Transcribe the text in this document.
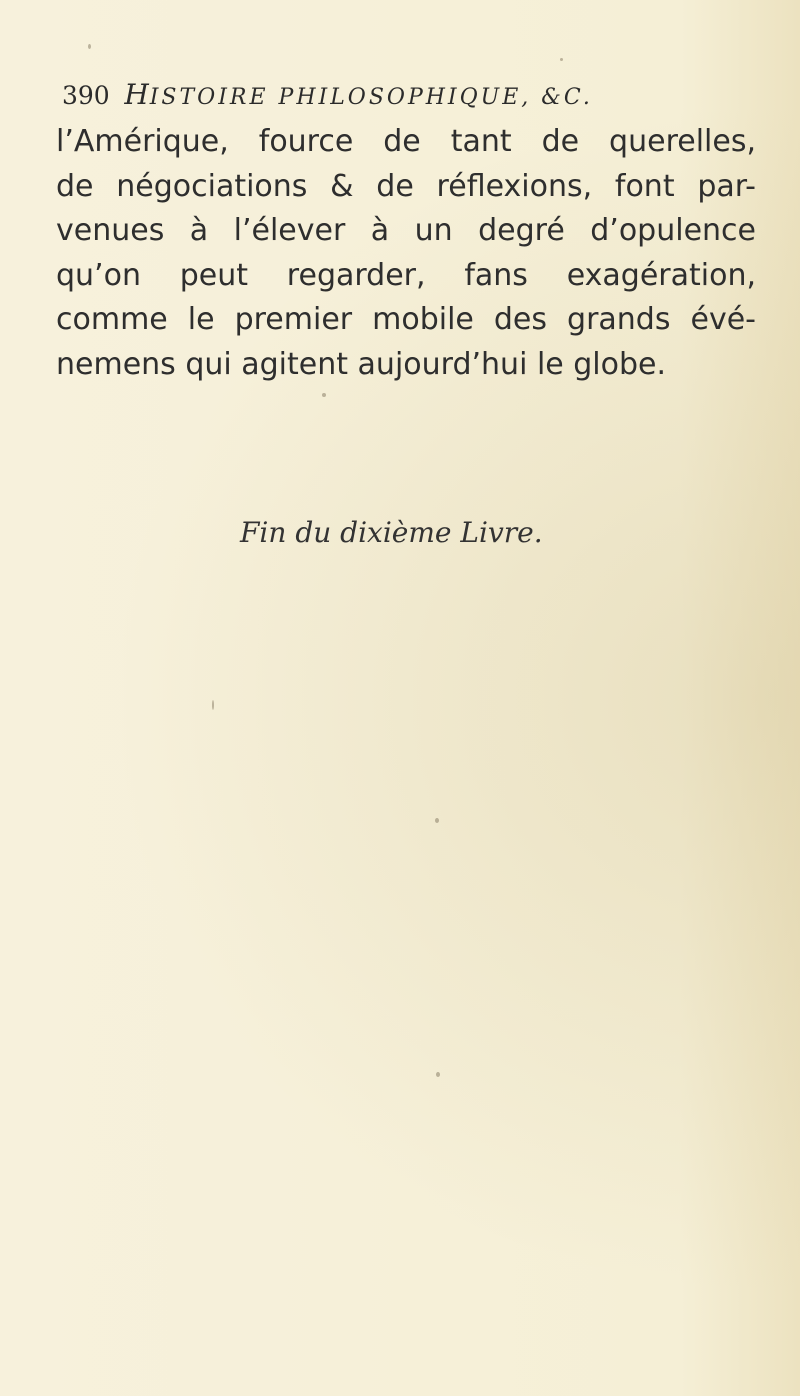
390 HISTOIRE PHILOSOPHIQUE, &C.
l’Amérique, fource de tant de querelles,
de négociations & de réflexions, font par-
venues à l’élever à un degré d’opulence
qu’on peut regarder, fans exagération,
comme le premier mobile des grands évé-
nemens qui agitent aujourd’hui le globe.
Fin du dixième Livre.
